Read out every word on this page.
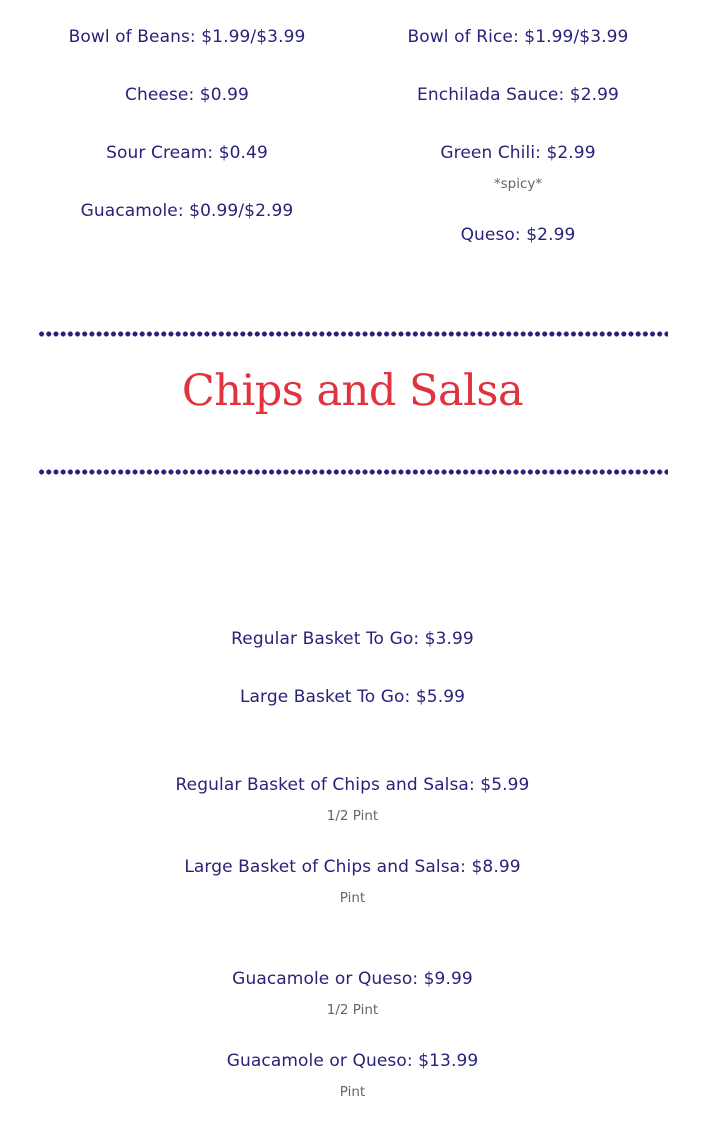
Bowl of Beans: $1.99/$3.99
Cheese: $0.99
Sour Cream: $0.49
Guacamole: $0.99/$2.99
Bowl of Rice: $1.99/$3.99
Enchilada Sauce: $2.99
Green Chili: $2.99
*spicy*
Queso: $2.99
Chips and Salsa
Regular Basket To Go: $3.99
Large Basket To Go: $5.99
Regular Basket of Chips and Salsa: $5.99
1/2 Pint
Large Basket of Chips and Salsa: $8.99
Pint
Guacamole or Queso: $9.99
1/2 Pint
Guacamole or Queso: $13.99
Pint
